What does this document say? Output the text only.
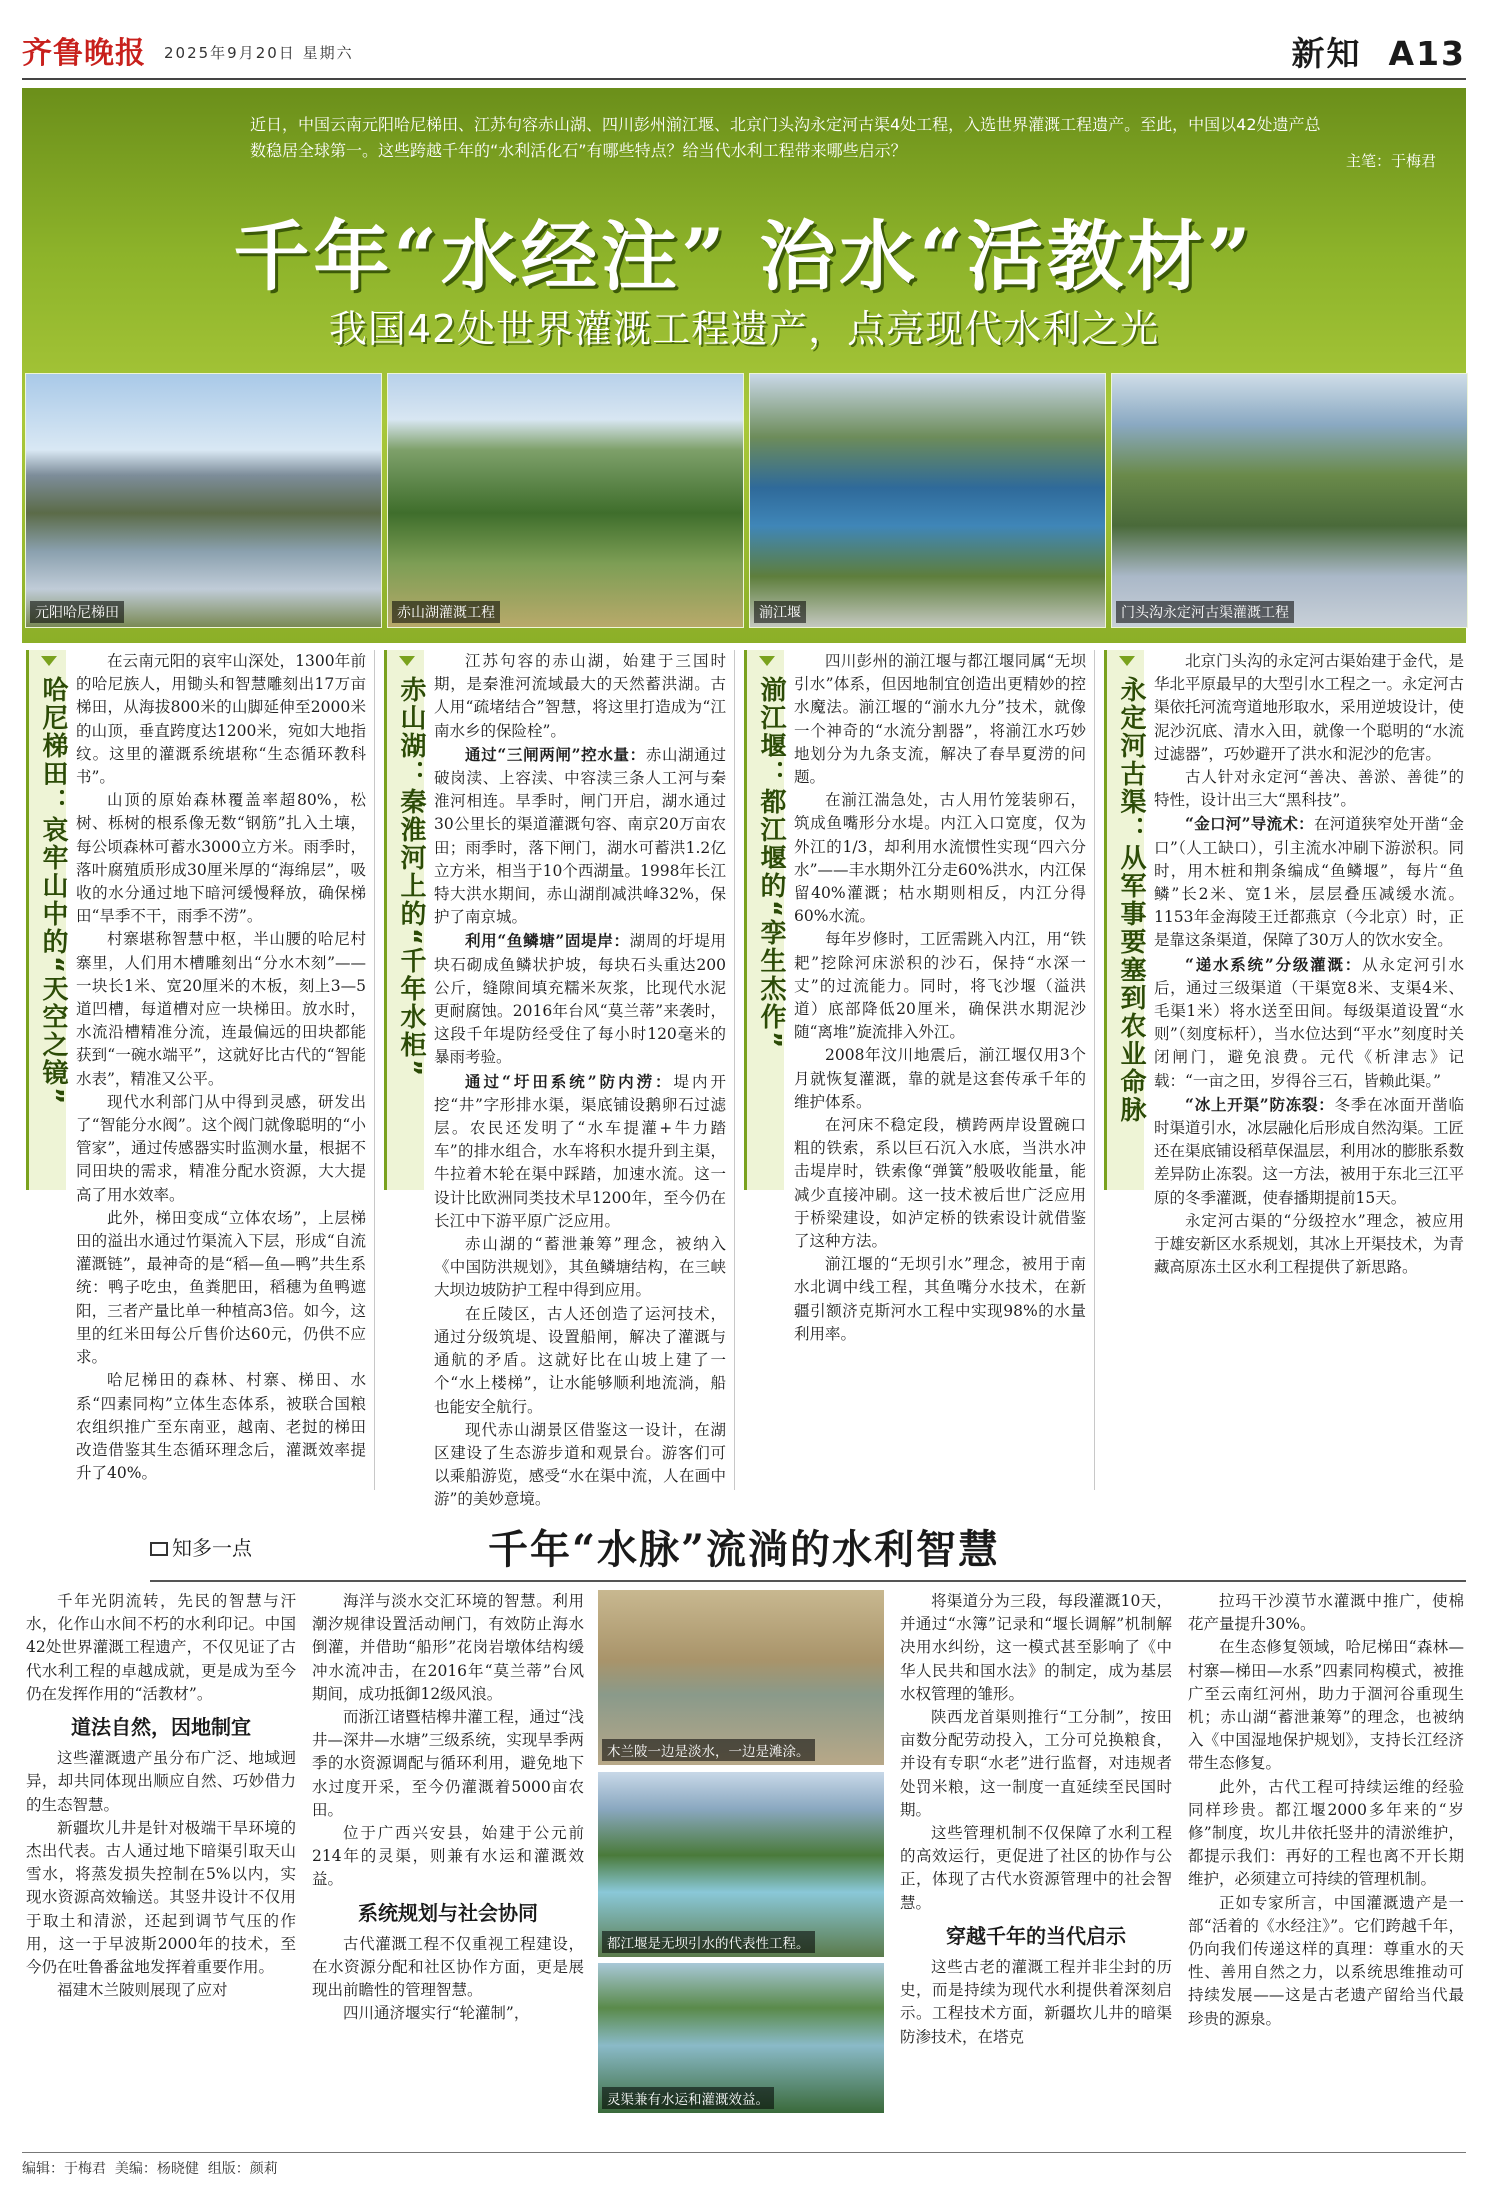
齐鲁晚报 2025年9月20日 星期六	新知 A13
近日，中国云南元阳哈尼梯田、江苏句容赤山湖、四川彭州湔江堰、北京门头沟永定河古渠4处工程，入选世界灌溉工程遗产。至此，中国以42处遗产总数稳居全球第一。这些跨越千年的“水利活化石”有哪些特点？给当代水利工程带来哪些启示？
主笔：于梅君
千年“水经注” 治水“活教材”
我国42处世界灌溉工程遗产，点亮现代水利之光
元阳哈尼梯田	赤山湖灌溉工程	湔江堰	门头沟永定河古渠灌溉工程
哈尼梯田：哀牢山中的“天空之镜”

在云南元阳的哀牢山深处，1300年前的哈尼族人，用锄头和智慧雕刻出17万亩梯田，从海拔800米的山脚延伸至2000米的山顶，垂直跨度达1200米，宛如大地指纹。这里的灌溉系统堪称“生态循环教科书”。

山顶的原始森林覆盖率超80%，松树、栎树的根系像无数“钢筋”扎入土壤，每公顷森林可蓄水3000立方米。雨季时，落叶腐殖质形成30厘米厚的“海绵层”，吸收的水分通过地下暗河缓慢释放，确保梯田“旱季不干，雨季不涝”。

村寨堪称智慧中枢，半山腰的哈尼村寨里，人们用木槽雕刻出“分水木刻”——一块长1米、宽20厘米的木板，刻上3—5道凹槽，每道槽对应一块梯田。放水时，水流沿槽精准分流，连最偏远的田块都能获到“一碗水端平”，这就好比古代的“智能水表”，精准又公平。

现代水利部门从中得到灵感，研发出了“智能分水阀”。这个阀门就像聪明的“小管家”，通过传感器实时监测水量，根据不同田块的需求，精准分配水资源，大大提高了用水效率。

此外，梯田变成“立体农场”，上层梯田的溢出水通过竹渠流入下层，形成“自流灌溉链”，最神奇的是“稻—鱼—鸭”共生系统：鸭子吃虫，鱼粪肥田，稻穗为鱼鸭遮阳，三者产量比单一种植高3倍。如今，这里的红米田每公斤售价达60元，仍供不应求。

哈尼梯田的森林、村寨、梯田、水系“四素同构”立体生态体系，被联合国粮农组织推广至东南亚，越南、老挝的梯田改造借鉴其生态循环理念后，灌溉效率提升了40%。

赤山湖：秦淮河上的“千年水柜”

江苏句容的赤山湖，始建于三国时期，是秦淮河流域最大的天然蓄洪湖。古人用“疏堵结合”智慧，将这里打造成为“江南水乡的保险栓”。

通过“三闸两闸”控水量：赤山湖通过破岗渎、上容渎、中容渎三条人工河与秦淮河相连。旱季时，闸门开启，湖水通过30公里长的渠道灌溉句容、南京20万亩农田；雨季时，落下闸门，湖水可蓄洪1.2亿立方米，相当于10个西湖量。1998年长江特大洪水期间，赤山湖削减洪峰32%，保护了南京城。

利用“鱼鳞塘”固堤岸：湖周的圩堤用块石砌成鱼鳞状护坡，每块石头重达200公斤，缝隙间填充糯米灰浆，比现代水泥更耐腐蚀。2016年台风“莫兰蒂”来袭时，这段千年堤防经受住了每小时120毫米的暴雨考验。

通过“圩田系统”防内涝：堤内开挖“井”字形排水渠，渠底铺设鹅卵石过滤层。农民还发明了“水车提灌+牛力踏车”的排水组合，水车将积水提升到主渠，牛拉着木轮在渠中踩踏，加速水流。这一设计比欧洲同类技术早1200年，至今仍在长江中下游平原广泛应用。

赤山湖的“蓄泄兼筹”理念，被纳入《中国防洪规划》，其鱼鳞塘结构，在三峡大坝边坡防护工程中得到应用。

在丘陵区，古人还创造了运河技术，通过分级筑堤、设置船闸，解决了灌溉与通航的矛盾。这就好比在山坡上建了一个“水上楼梯”，让水能够顺利地流淌，船也能安全航行。

现代赤山湖景区借鉴这一设计，在湖区建设了生态游步道和观景台。游客们可以乘船游览，感受“水在渠中流，人在画中游”的美妙意境。

湔江堰：都江堰的“孪生杰作”

四川彭州的湔江堰与都江堰同属“无坝引水”体系，但因地制宜创造出更精妙的控水魔法。湔江堰的“湔水九分”技术，就像一个神奇的“水流分割器”，将湔江水巧妙地划分为九条支流，解决了春旱夏涝的问题。

在湔江湍急处，古人用竹笼装卵石，筑成鱼嘴形分水堤。内江入口宽度，仅为外江的1/3，却利用水流惯性实现“四六分水”——丰水期外江分走60%洪水，内江保留40%灌溉；枯水期则相反，内江分得60%水流。

每年岁修时，工匠需跳入内江，用“铁耙”挖除河床淤积的沙石，保持“水深一丈”的过流能力。同时，将飞沙堰（溢洪道）底部降低20厘米，确保洪水期泥沙随“离堆”旋流排入外江。

2008年汶川地震后，湔江堰仅用3个月就恢复灌溉，靠的就是这套传承千年的维护体系。

在河床不稳定段，横跨两岸设置碗口粗的铁索，系以巨石沉入水底，当洪水冲击堤岸时，铁索像“弹簧”般吸收能量，能减少直接冲刷。这一技术被后世广泛应用于桥梁建设，如泸定桥的铁索设计就借鉴了这种方法。

湔江堰的“无坝引水”理念，被用于南水北调中线工程，其鱼嘴分水技术，在新疆引额济克斯河水工程中实现98%的水量利用率。

永定河古渠：从军事要塞到农业命脉

北京门头沟的永定河古渠始建于金代，是华北平原最早的大型引水工程之一。永定河古渠依托河流弯道地形取水，采用逆坡设计，使泥沙沉底、清水入田，就像一个聪明的“水流过滤器”，巧妙避开了洪水和泥沙的危害。

古人针对永定河“善决、善淤、善徙”的特性，设计出三大“黑科技”。

“金口河”导流术：在河道狭窄处开凿“金口”（人工缺口），引主流水冲刷下游淤积。同时，用木桩和荆条编成“鱼鳞堰”，每片“鱼鳞”长2米、宽1米，层层叠压减缓水流。1153年金海陵王迁都燕京（今北京）时，正是靠这条渠道，保障了30万人的饮水安全。

“递水系统”分级灌溉：从永定河引水后，通过三级渠道（干渠宽8米、支渠4米、毛渠1米）将水送至田间。每级渠道设置“水则”（刻度标杆），当水位达到“平水”刻度时关闭闸门，避免浪费。元代《析津志》记载：“一亩之田，岁得谷三石，皆赖此渠。”

“冰上开渠”防冻裂：冬季在冰面开凿临时渠道引水，冰层融化后形成自然沟渠。工匠还在渠底铺设稻草保温层，利用冰的膨胀系数差异防止冻裂。这一方法，被用于东北三江平原的冬季灌溉，使春播期提前15天。

永定河古渠的“分级控水”理念，被应用于雄安新区水系规划，其冰上开渠技术，为青藏高原冻土区水利工程提供了新思路。

知多一点	千年“水脉”流淌的水利智慧

千年光阴流转，先民的智慧与汗水，化作山水间不朽的水利印记。中国42处世界灌溉工程遗产，不仅见证了古代水利工程的卓越成就，更是成为至今仍在发挥作用的“活教材”。

道法自然，因地制宜

这些灌溉遗产虽分布广泛、地域迥异，却共同体现出顺应自然、巧妙借力的生态智慧。

新疆坎儿井是针对极端干旱环境的杰出代表。古人通过地下暗渠引取天山雪水，将蒸发损失控制在5%以内，实现水资源高效输送。其竖井设计不仅用于取土和清淤，还起到调节气压的作用，这一于早波斯2000年的技术，至今仍在吐鲁番盆地发挥着重要作用。

福建木兰陂则展现了应对

海洋与淡水交汇环境的智慧。利用潮汐规律设置活动闸门，有效防止海水倒灌，并借助“船形”花岗岩墩体结构缓冲水流冲击，在2016年“莫兰蒂”台风期间，成功抵御12级风浪。

而浙江诸暨桔槔井灌工程，通过“浅井—深井—水塘”三级系统，实现旱季两季的水资源调配与循环利用，避免地下水过度开采，至今仍灌溉着5000亩农田。

位于广西兴安县，始建于公元前214年的灵渠，则兼有水运和灌溉效益。

系统规划与社会协同

古代灌溉工程不仅重视工程建设，在水资源分配和社区协作方面，更是展现出前瞻性的管理智慧。

四川通济堰实行“轮灌制”，

木兰陂一边是淡水，一边是滩涂。
都江堰是无坝引水的代表性工程。
灵渠兼有水运和灌溉效益。

将渠道分为三段，每段灌溉10天，并通过“水簿”记录和“堰长调解”机制解决用水纠纷，这一模式甚至影响了《中华人民共和国水法》的制定，成为基层水权管理的雏形。

陕西龙首渠则推行“工分制”，按田亩数分配劳动投入，工分可兑换粮食，并设有专职“水老”进行监督，对违规者处罚米粮，这一制度一直延续至民国时期。

这些管理机制不仅保障了水利工程的高效运行，更促进了社区的协作与公正，体现了古代水资源管理中的社会智慧。

穿越千年的当代启示

这些古老的灌溉工程并非尘封的历史，而是持续为现代水利提供着深刻启示。工程技术方面，新疆坎儿井的暗渠防渗技术，在塔克

拉玛干沙漠节水灌溉中推广，使棉花产量提升30%。

在生态修复领域，哈尼梯田“森林—村寨—梯田—水系”四素同构模式，被推广至云南红河州，助力于涸河谷重现生机；赤山湖“蓄泄兼筹”的理念，也被纳入《中国湿地保护规划》，支持长江经济带生态修复。

此外，古代工程可持续运维的经验同样珍贵。都江堰2000多年来的“岁修”制度，坎儿井依托竖井的清淤维护，都提示我们：再好的工程也离不开长期维护，必须建立可持续的管理机制。

正如专家所言，中国灌溉遗产是一部“活着的《水经注》”。它们跨越千年，仍向我们传递这样的真理：尊重水的天性、善用自然之力，以系统思维推动可持续发展——这是古老遗产留给当代最珍贵的源泉。

编辑：于梅君 美编：杨晓健 组版：颜莉
